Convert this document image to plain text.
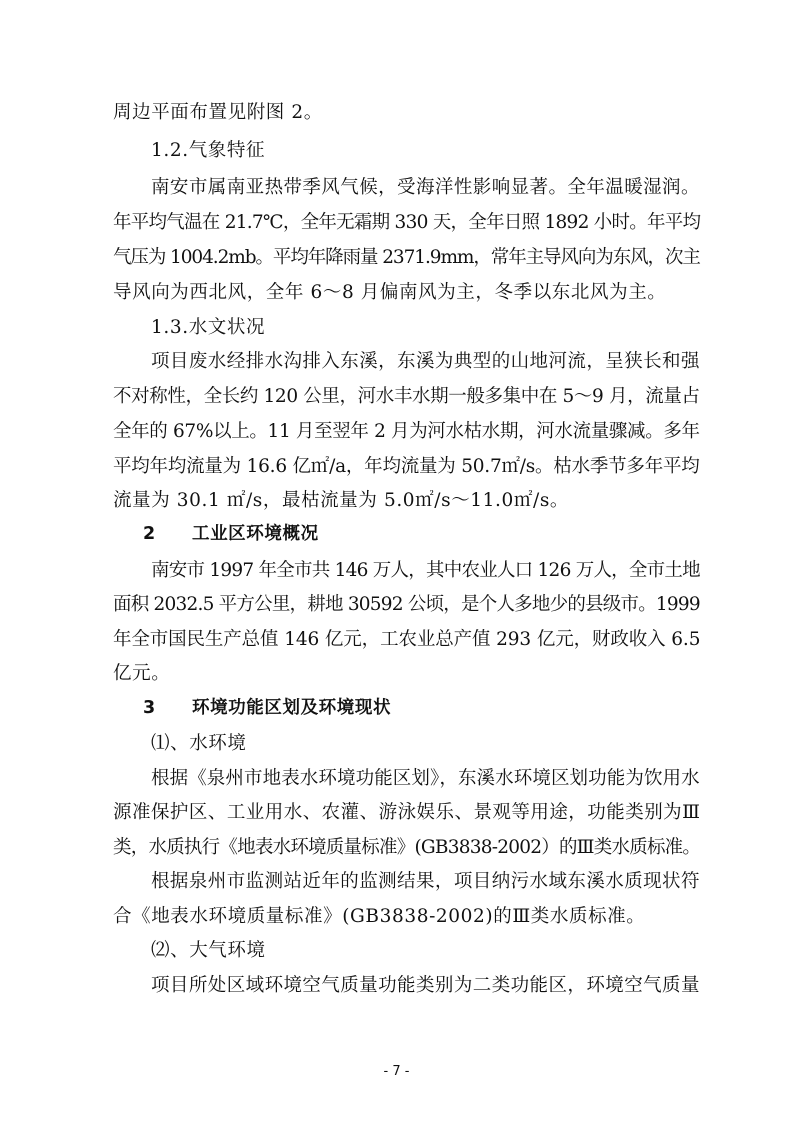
周边平面布置见附图 2。
1.2.气象特征
南安市属南亚热带季风气候，受海洋性影响显著。全年温暖湿润。
年平均气温在 21.7℃，全年无霜期 330 天，全年日照 1892 小时。年平均
气压为 1004.2mb。平均年降雨量 2371.9mm，常年主导风向为东风，次主
导风向为西北风，全年 6～8 月偏南风为主，冬季以东北风为主。
1.3.水文状况
项目废水经排水沟排入东溪，东溪为典型的山地河流，呈狭长和强
不对称性，全长约 120 公里，河水丰水期一般多集中在 5～9 月，流量占
全年的 67%以上。11 月至翌年 2 月为河水枯水期，河水流量骤减。多年
平均年均流量为 16.6 亿㎡/a，年均流量为 50.7㎡/s。枯水季节多年平均
流量为 30.1 ㎡/s，最枯流量为 5.0㎡/s～11.0㎡/s。
2　　工业区环境概况
南安市 1997 年全市共 146 万人，其中农业人口 126 万人，全市土地
面积 2032.5 平方公里，耕地 30592 公顷，是个人多地少的县级市。1999
年全市国民生产总值 146 亿元，工农业总产值 293 亿元，财政收入 6.5
亿元。
3　　环境功能区划及环境现状
⑴、水环境
根据《泉州市地表水环境功能区划》，东溪水环境区划功能为饮用水
源准保护区、工业用水、农灌、游泳娱乐、景观等用途，功能类别为Ⅲ
类，水质执行《地表水环境质量标准》(GB3838-2002）的Ⅲ类水质标准。
根据泉州市监测站近年的监测结果，项目纳污水域东溪水质现状符
合《地表水环境质量标准》(GB3838-2002)的Ⅲ类水质标准。
⑵、大气环境
项目所处区域环境空气质量功能类别为二类功能区，环境空气质量
- 7 -
